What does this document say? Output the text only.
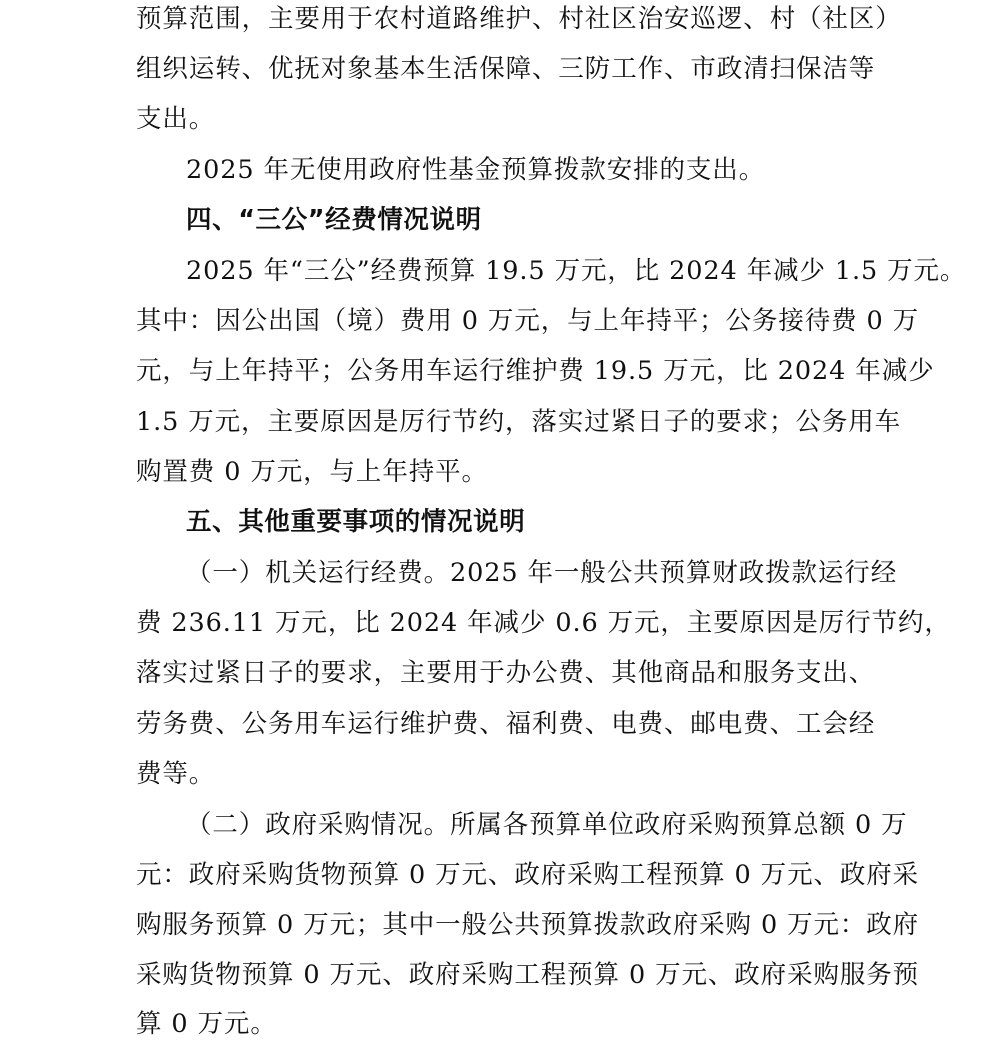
预算范围，主要用于农村道路维护、村社区治安巡逻、村（社区）
组织运转、优抚对象基本生活保障、三防工作、市政清扫保洁等
支出。
2025 年无使用政府性基金预算拨款安排的支出。
四、“三公”经费情况说明
2025 年“三公”经费预算 19.5 万元，比 2024 年减少 1.5 万元。
其中：因公出国（境）费用 0 万元，与上年持平；公务接待费 0 万
元，与上年持平；公务用车运行维护费 19.5 万元，比 2024 年减少
1.5 万元，主要原因是厉行节约，落实过紧日子的要求；公务用车
购置费 0 万元，与上年持平。
五、其他重要事项的情况说明
（一）机关运行经费。2025 年一般公共预算财政拨款运行经
费 236.11 万元，比 2024 年减少 0.6 万元，主要原因是厉行节约，
落实过紧日子的要求，主要用于办公费、其他商品和服务支出、
劳务费、公务用车运行维护费、福利费、电费、邮电费、工会经
费等。
（二）政府采购情况。所属各预算单位政府采购预算总额 0 万
元：政府采购货物预算 0 万元、政府采购工程预算 0 万元、政府采
购服务预算 0 万元；其中一般公共预算拨款政府采购 0 万元：政府
采购货物预算 0 万元、政府采购工程预算 0 万元、政府采购服务预
算 0 万元。
